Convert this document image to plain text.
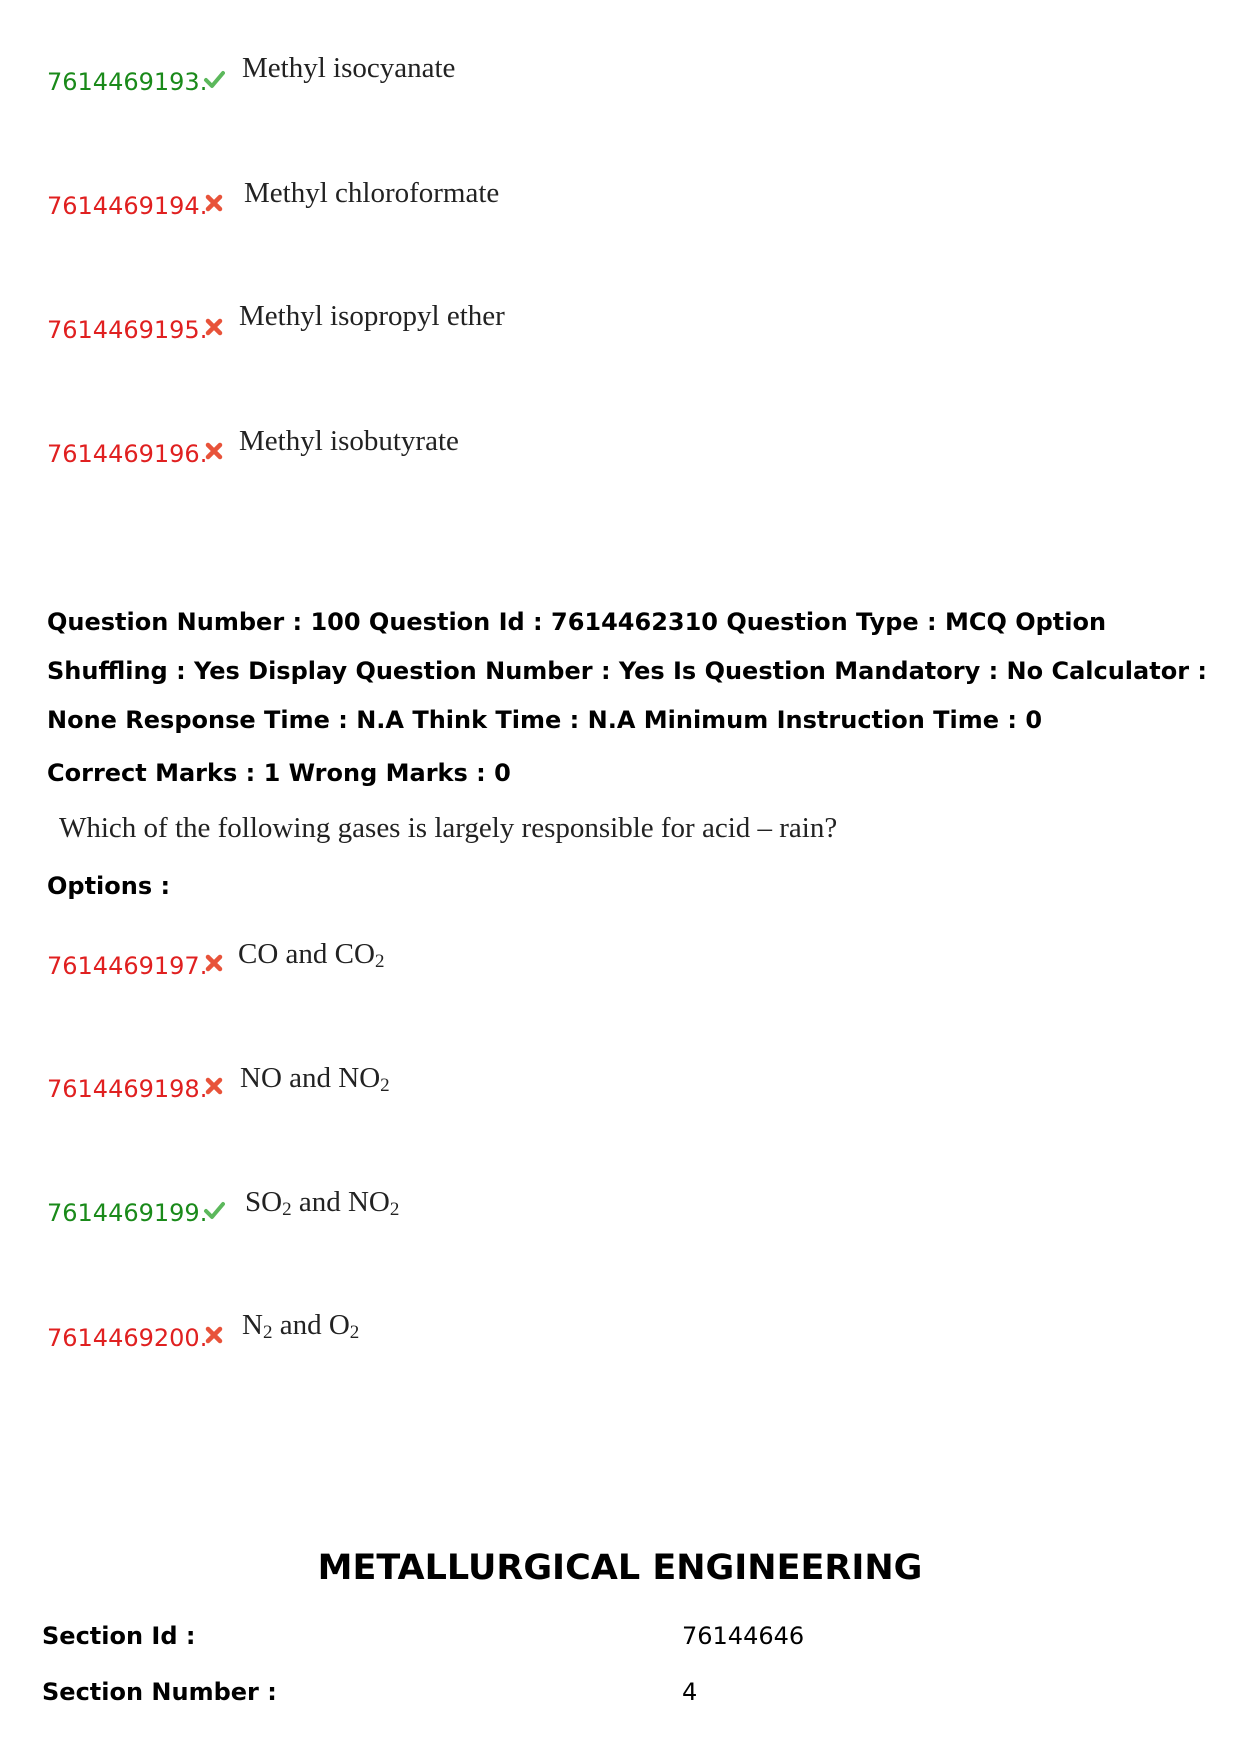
7614469193. Methyl isocyanate
7614469194. Methyl chloroformate
7614469195. Methyl isopropyl ether
7614469196. Methyl isobutyrate
Question Number : 100 Question Id : 7614462310 Question Type : MCQ Option Shuffling : Yes Display Question Number : Yes Is Question Mandatory : No Calculator : None Response Time : N.A Think Time : N.A Minimum Instruction Time : 0
Correct Marks : 1 Wrong Marks : 0
Which of the following gases is largely responsible for acid – rain?
Options :
7614469197. CO and $CO_2$
7614469198. NO and $NO_2$
7614469199. $SO_2$ and $NO_2$
7614469200. $N_2$ and $O_2$
METALLURGICAL ENGINEERING
Section Id :	76144646
Section Number :	4
